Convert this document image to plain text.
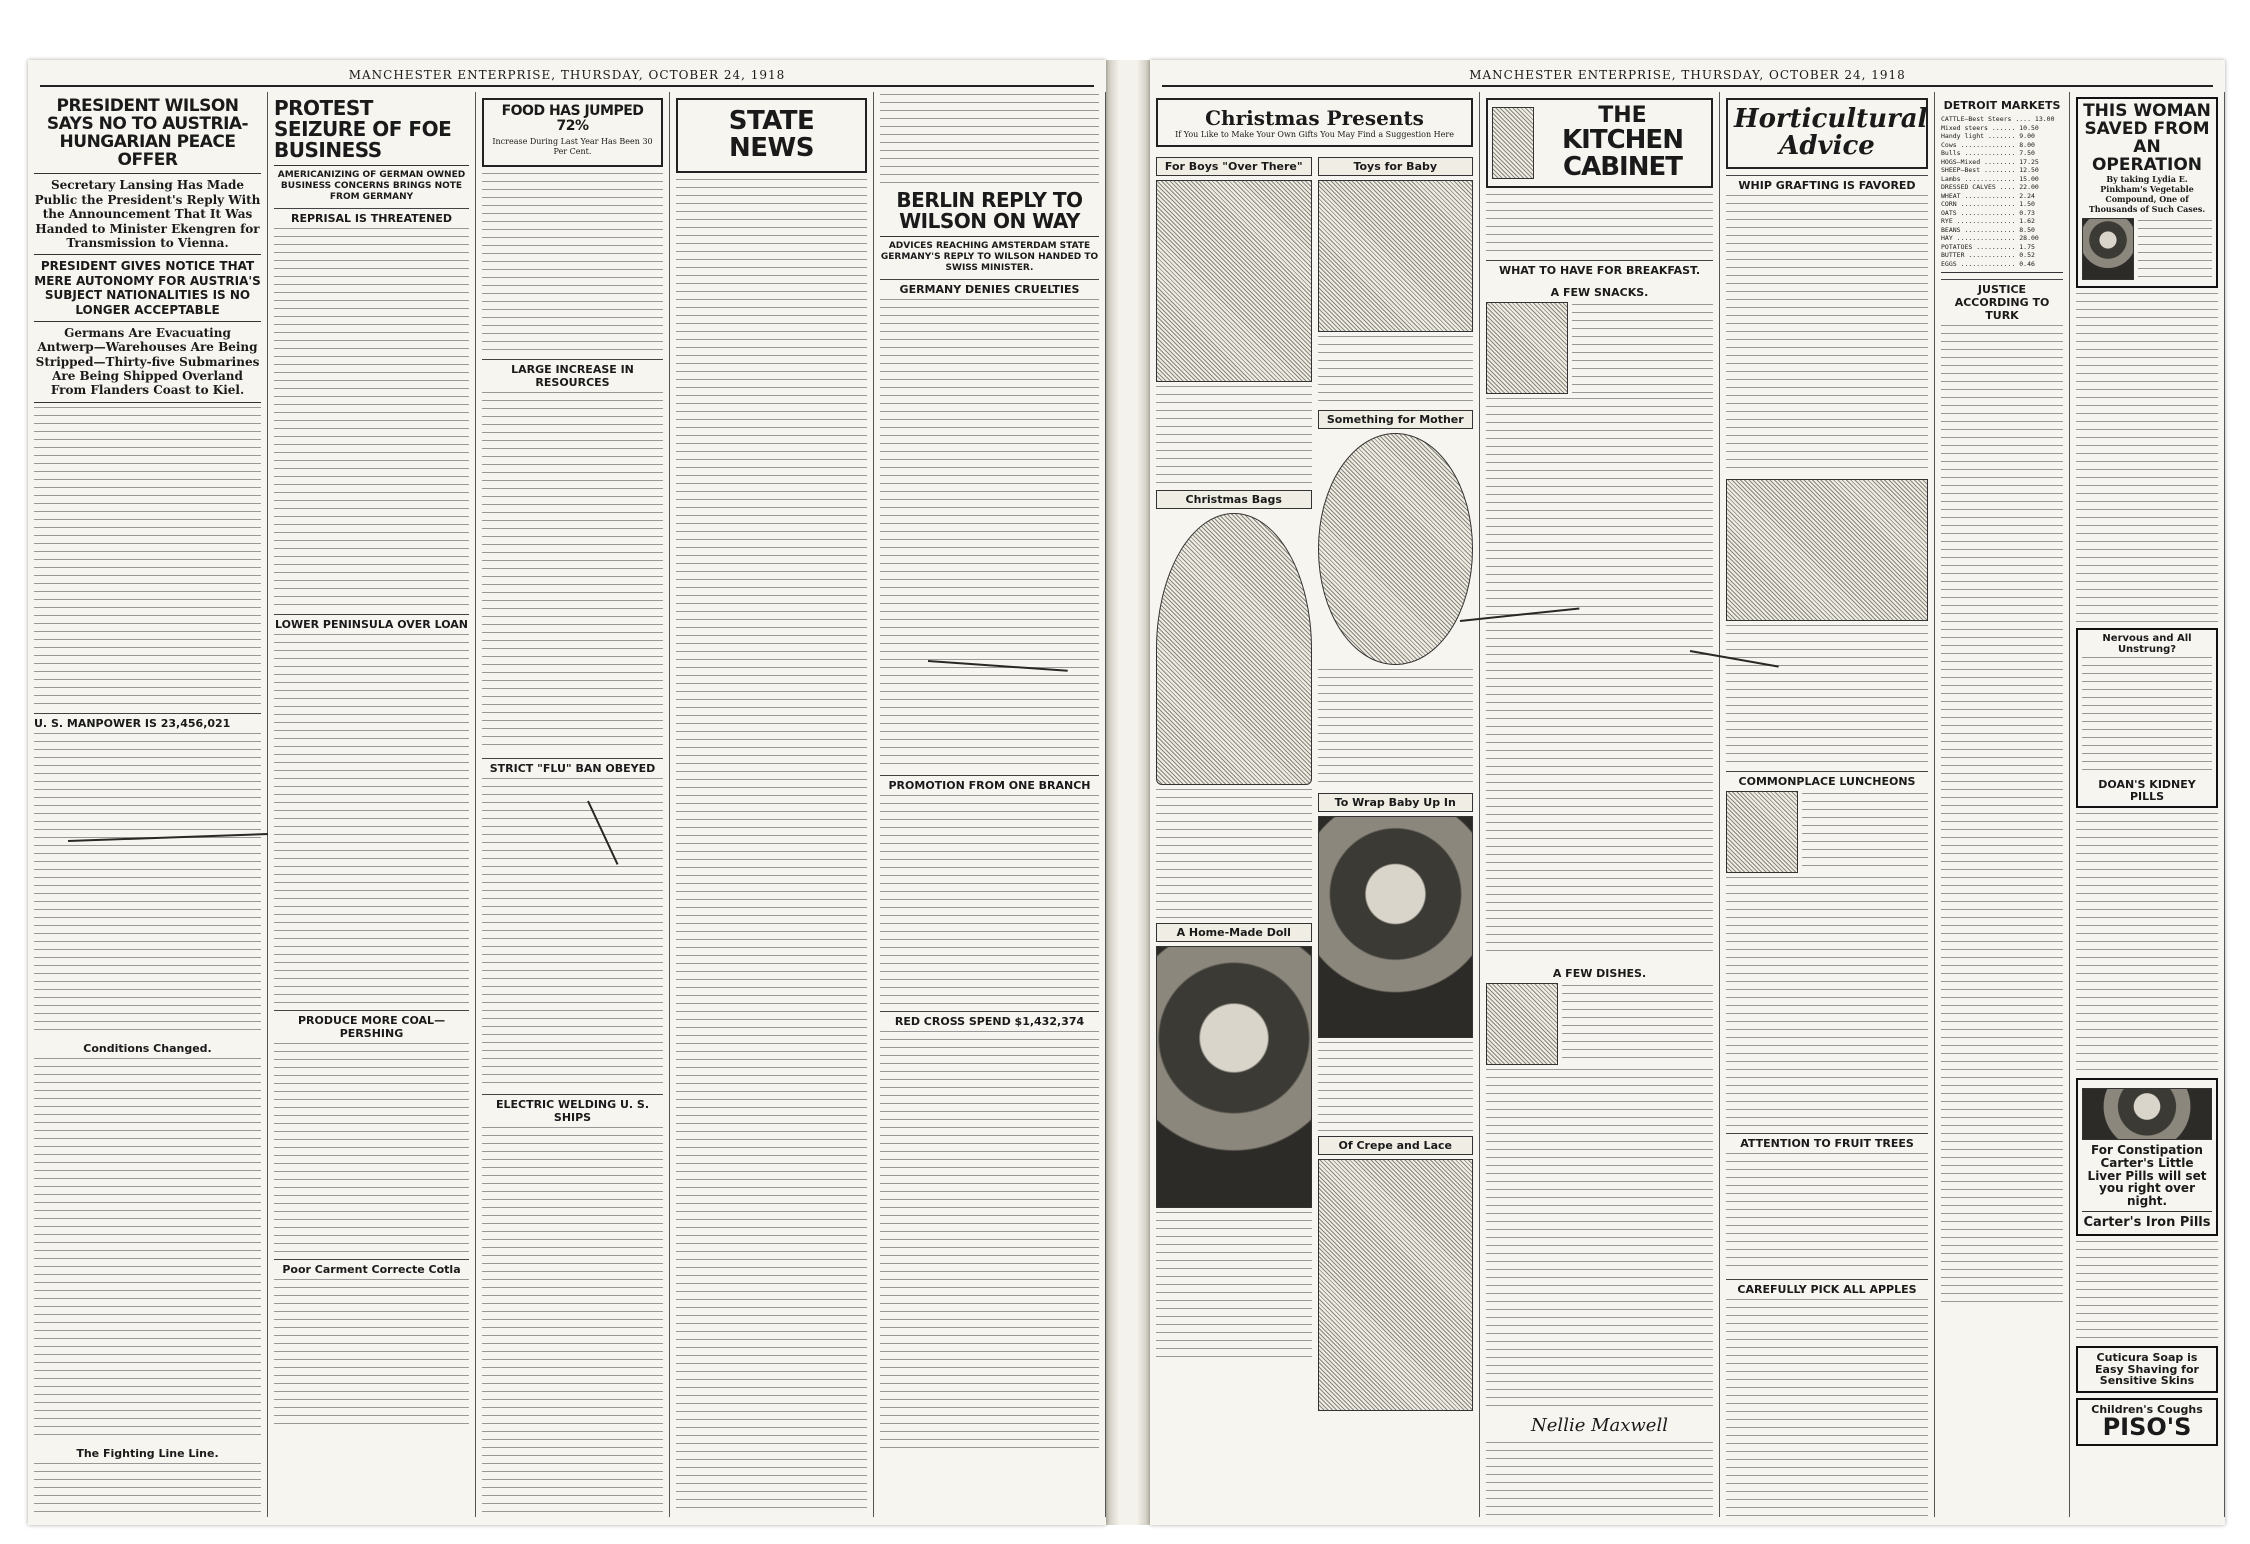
MANCHESTER ENTERPRISE, THURSDAY, OCTOBER 24, 1918
PRESIDENT WILSON SAYS NO TO AUSTRIA-HUNGARIAN PEACE OFFER
Secretary Lansing Has Made Public the President's Reply With the Announcement That It Was Handed to Minister Ekengren for Transmission to Vienna.
PRESIDENT GIVES NOTICE THAT MERE AUTONOMY FOR AUSTRIA'S SUBJECT NATIONALITIES IS NO LONGER ACCEPTABLE
Germans Are Evacuating Antwerp—Warehouses Are Being Stripped—Thirty-five Submarines Are Being Shipped Overland From Flanders Coast to Kiel.
U. S. MANPOWER IS 23,456,021
Conditions Changed.
The Fighting Line Line.
PROTEST SEIZURE OF FOE BUSINESS
AMERICANIZING OF GERMAN OWNED BUSINESS CONCERNS BRINGS NOTE FROM GERMANY
REPRISAL IS THREATENED
LOWER PENINSULA OVER LOAN
PRODUCE MORE COAL—PERSHING
Poor Carment Correcte Cotla
FOOD HAS JUMPED 72%
Increase During Last Year Has Been 30 Per Cent.
LARGE INCREASE IN RESOURCES
STRICT "FLU" BAN OBEYED
ELECTRIC WELDING U. S. SHIPS
STATE NEWS
BERLIN REPLY TO WILSON ON WAY
ADVICES REACHING AMSTERDAM STATE GERMANY'S REPLY TO WILSON HANDED TO SWISS MINISTER.
GERMANY DENIES CRUELTIES
PROMOTION FROM ONE BRANCH
RED CROSS SPEND $1,432,374
MANCHESTER ENTERPRISE, THURSDAY, OCTOBER 24, 1918
Christmas Presents
If You Like to Make Your Own Gifts You May Find a Suggestion Here
For Boys "Over There"
Christmas Bags
A Home-Made Doll
Toys for Baby
Something for Mother
To Wrap Baby Up In
Of Crepe and Lace
THE
KITCHEN
CABINET
WHAT TO HAVE FOR BREAKFAST.
A FEW SNACKS.
A FEW DISHES.
Nellie Maxwell
Horticultural Advice
WHIP GRAFTING IS FAVORED
COMMONPLACE LUNCHEONS
ATTENTION TO FRUIT TREES
CAREFULLY PICK ALL APPLES
DETROIT MARKETS
CATTLE—Best Steers .... 13.00
Mixed steers ...... 10.50
Handy light ....... 9.00
Cows .............. 8.00
Bulls ............. 7.50
HOGS—Mixed ........ 17.25
SHEEP—Best ........ 12.50
Lambs ............. 15.00
DRESSED CALVES .... 22.00
WHEAT ............. 2.24
CORN .............. 1.50
OATS .............. 0.73
RYE ............... 1.62
BEANS ............. 8.50
HAY ............... 28.00
POTATOES .......... 1.75
BUTTER ............ 0.52
EGGS .............. 0.46
JUSTICE ACCORDING TO TURK
THIS WOMAN SAVED FROM AN OPERATION
By taking Lydia E. Pinkham's Vegetable Compound, One of Thousands of Such Cases.
Nervous and All Unstrung?
DOAN'S KIDNEY PILLS
For Constipation Carter's Little Liver Pills will set you right over night.
Carter's Iron Pills
Cuticura Soap is Easy Shaving for Sensitive Skins
Children's Coughs
PISO'S
